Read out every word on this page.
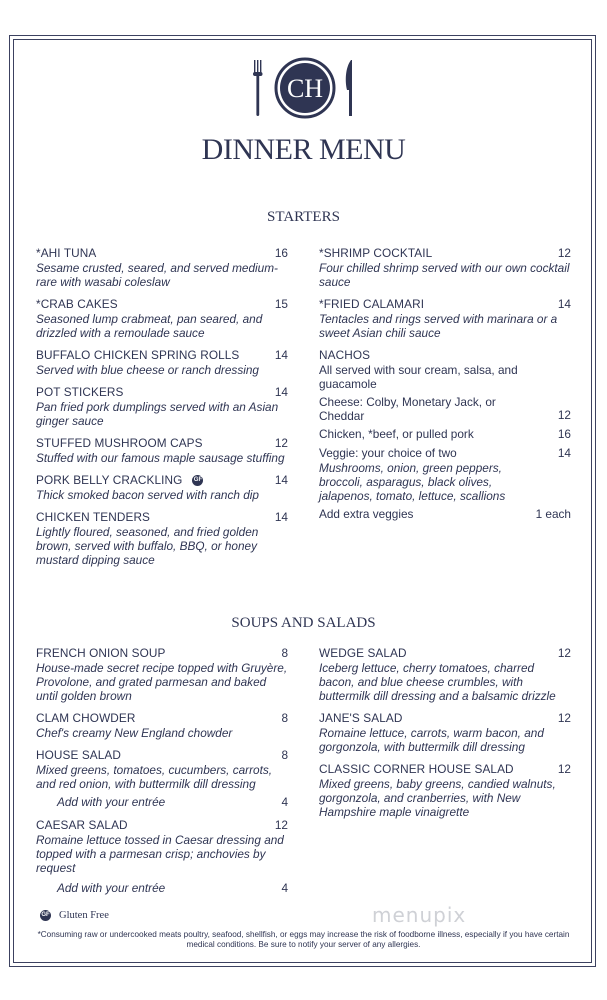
CH
DINNER MENU
STARTERS
*AHI TUNA	16
Sesame crusted, seared, and served medium-rare with wasabi coleslaw
*CRAB CAKES	15
Seasoned lump crabmeat, pan seared, and drizzled with a remoulade sauce
BUFFALO CHICKEN SPRING ROLLS	14
Served with blue cheese or ranch dressing
POT STICKERS	14
Pan fried pork dumplings served with an Asian ginger sauce
STUFFED MUSHROOM CAPS	12
Stuffed with our famous maple sausage stuffing
PORK BELLY CRACKLING GF	14
Thick smoked bacon served with ranch dip
CHICKEN TENDERS	14
Lightly floured, seasoned, and fried golden brown, served with buffalo, BBQ, or honey mustard dipping sauce
*SHRIMP COCKTAIL	12
Four chilled shrimp served with our own cocktail sauce
*FRIED CALAMARI	14
Tentacles and rings served with marinara or a sweet Asian chili sauce
NACHOS
All served with sour cream, salsa, and guacamole
Cheese: Colby, Monetary Jack, or Cheddar	12
Chicken, *beef, or pulled pork	16
Veggie: your choice of two	14
Mushrooms, onion, green peppers, broccoli, asparagus, black olives, jalapenos, tomato, lettuce, scallions
Add extra veggies	1 each
SOUPS AND SALADS
FRENCH ONION SOUP	8
House-made secret recipe topped with Gruyère, Provolone, and grated parmesan and baked until golden brown
CLAM CHOWDER	8
Chef's creamy New England chowder
HOUSE SALAD	8
Mixed greens, tomatoes, cucumbers, carrots, and red onion, with buttermilk dill dressing
Add with your entrée	4
CAESAR SALAD	12
Romaine lettuce tossed in Caesar dressing and topped with a parmesan crisp; anchovies by request
Add with your entrée	4
WEDGE SALAD	12
Iceberg lettuce, cherry tomatoes, charred bacon, and blue cheese crumbles, with buttermilk dill dressing and a balsamic drizzle
JANE'S SALAD	12
Romaine lettuce, carrots, warm bacon, and gorgonzola, with buttermilk dill dressing
CLASSIC CORNER HOUSE SALAD	12
Mixed greens, baby greens, candied walnuts, gorgonzola, and cranberries, with New Hampshire maple vinaigrette
menupix
GF Gluten Free
*Consuming raw or undercooked meats poultry, seafood, shellfish, or eggs may increase the risk of foodborne illness, especially if you have certain medical conditions. Be sure to notify your server of any allergies.
